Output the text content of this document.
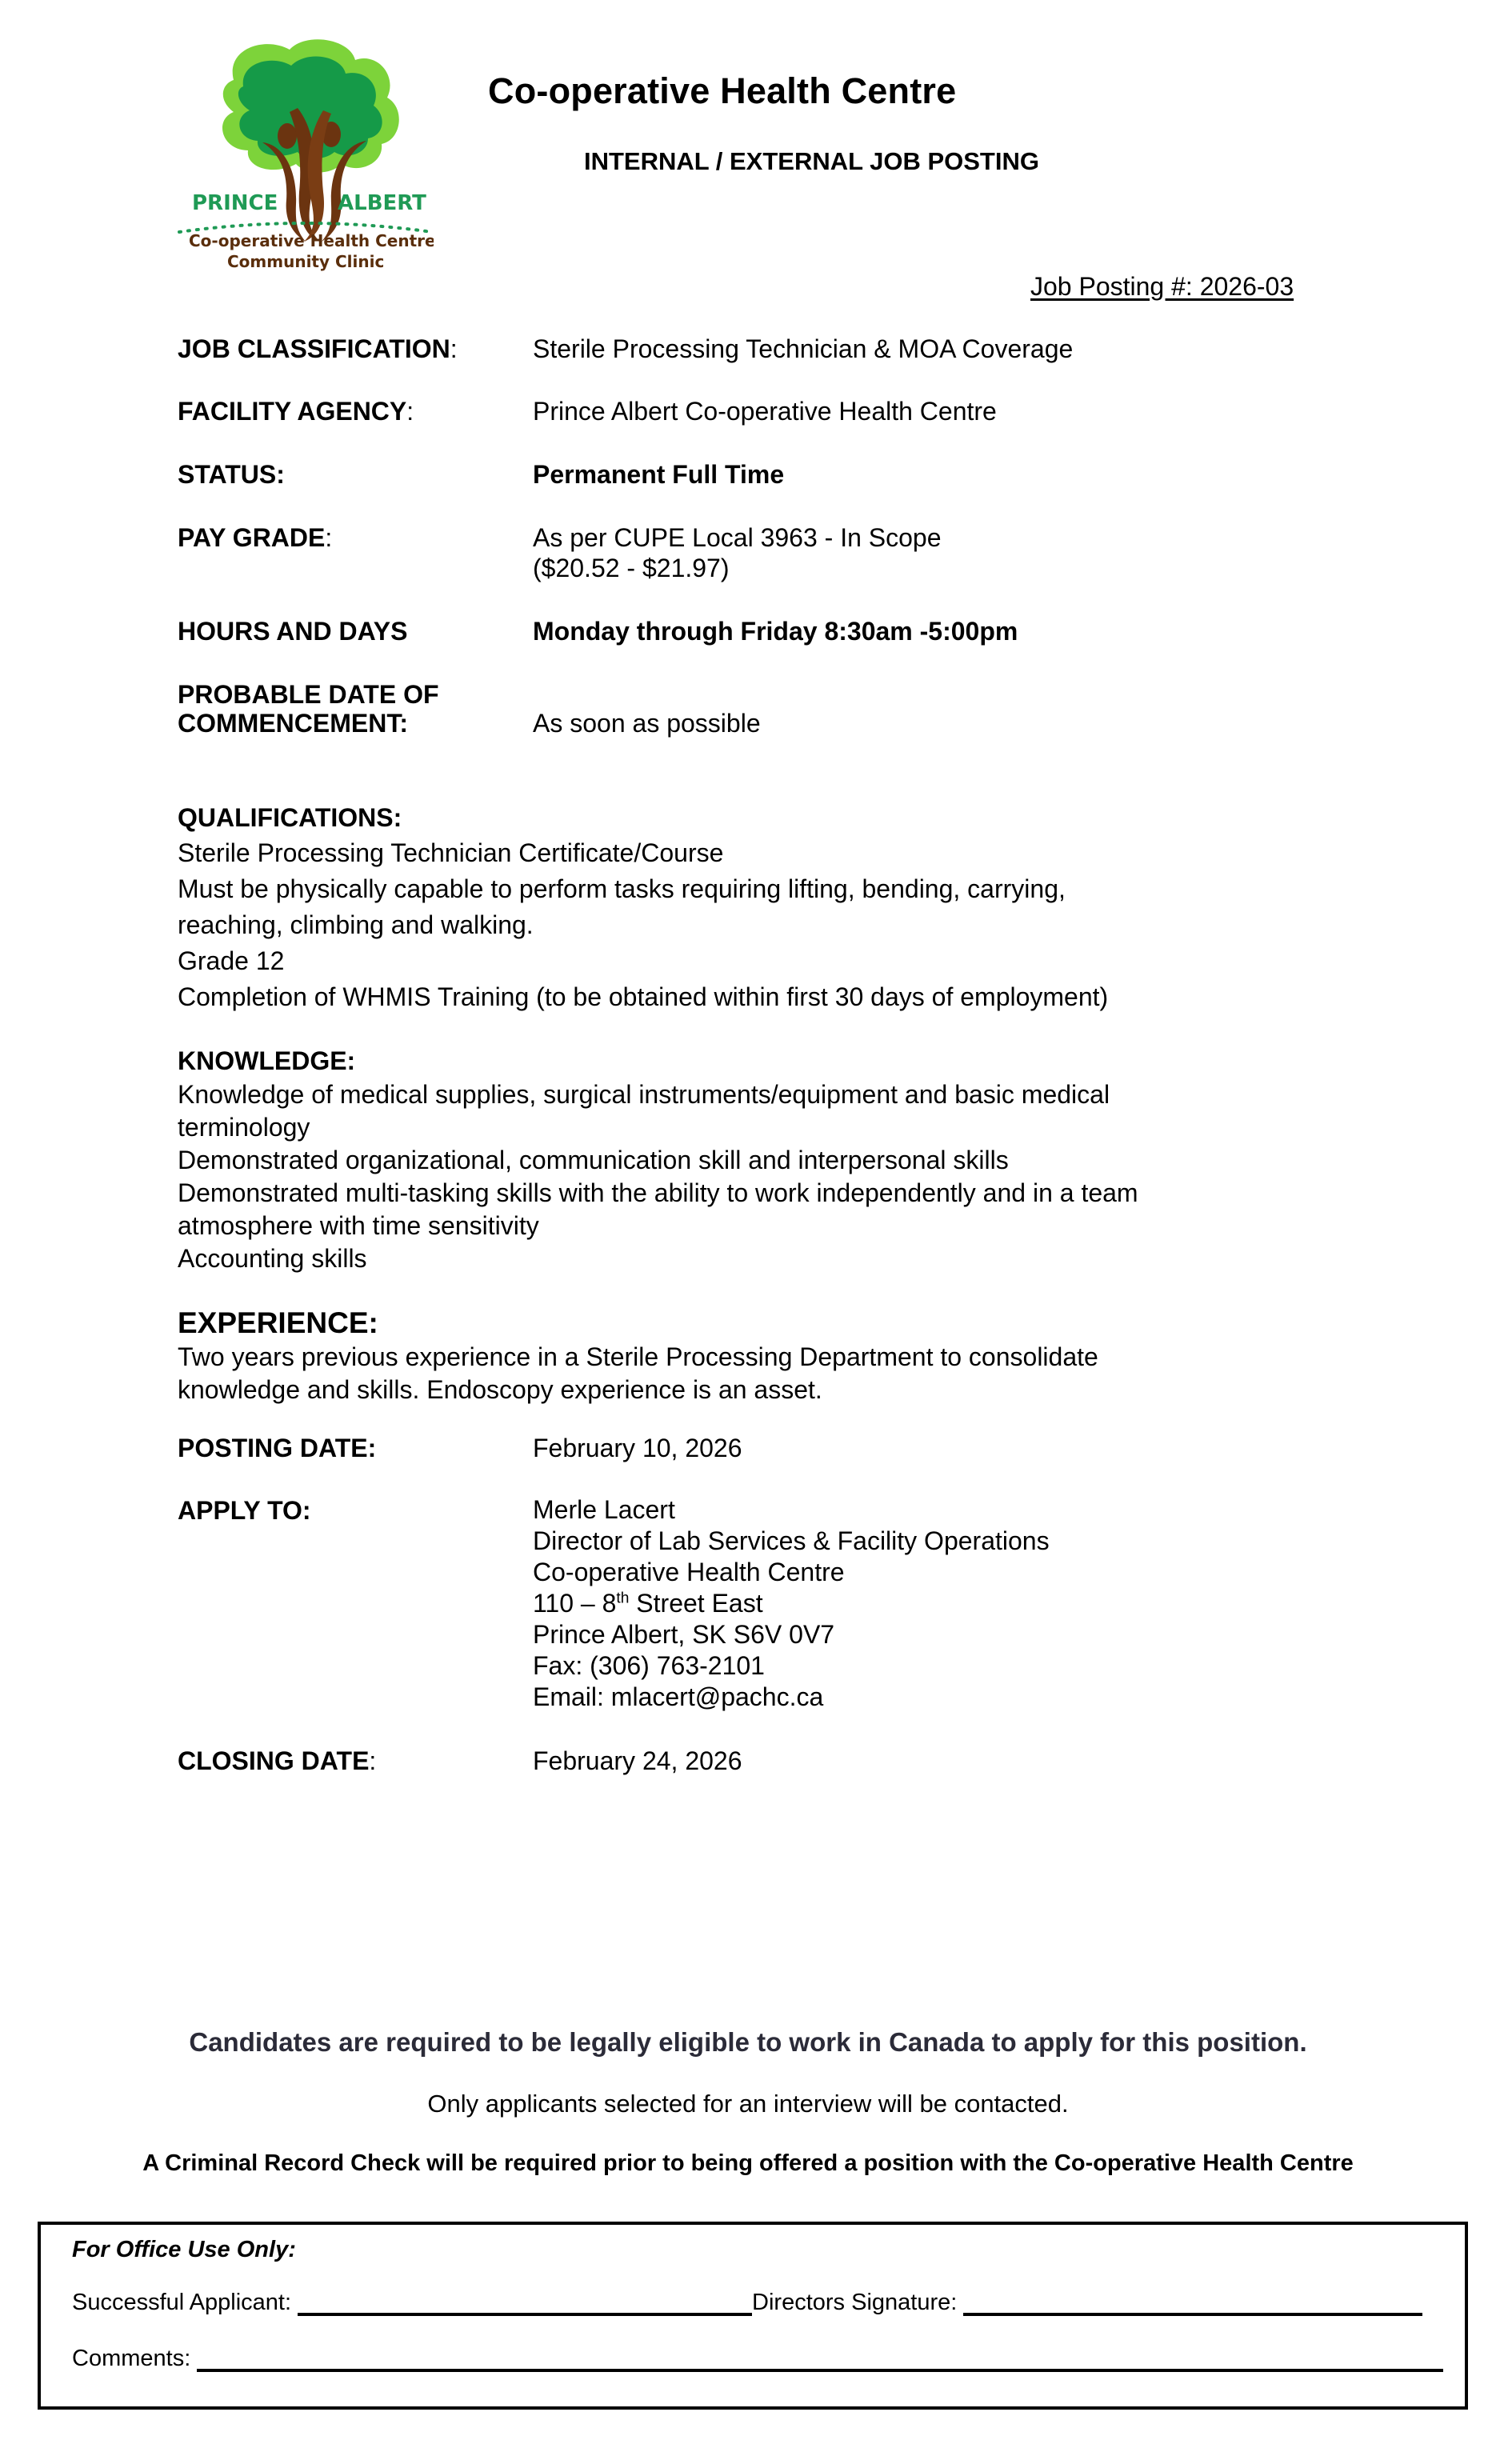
PRINCE	ALBERT
Co-operative Health Centre
Community Clinic
Co-operative Health Centre
INTERNAL / EXTERNAL JOB POSTING
Job Posting #: 2026-03
JOB CLASSIFICATION:	Sterile Processing Technician & MOA Coverage
FACILITY AGENCY:	Prince Albert Co-operative Health Centre
STATUS:	Permanent Full Time
PAY GRADE:	As per CUPE Local 3963 - In Scope
($20.52 - $21.97)
HOURS AND DAYS	Monday through Friday 8:30am -5:00pm
PROBABLE DATE OF
COMMENCEMENT:	As soon as possible
QUALIFICATIONS:
Sterile Processing Technician Certificate/Course
Must be physically capable to perform tasks requiring lifting, bending, carrying,
reaching, climbing and walking.
Grade 12
Completion of WHMIS Training (to be obtained within first 30 days of employment)
KNOWLEDGE:
Knowledge of medical supplies, surgical instruments/equipment and basic medical
terminology
Demonstrated organizational, communication skill and interpersonal skills
Demonstrated multi-tasking skills with the ability to work independently and in a team
atmosphere with time sensitivity
Accounting skills
EXPERIENCE:
Two years previous experience in a Sterile Processing Department to consolidate
knowledge and skills. Endoscopy experience is an asset.
POSTING DATE:	February 10, 2026
APPLY TO:	Merle Lacert
Director of Lab Services & Facility Operations
Co-operative Health Centre
110 – 8th Street East
Prince Albert, SK S6V 0V7
Fax: (306) 763-2101
Email: mlacert@pachc.ca
CLOSING DATE:	February 24, 2026
Candidates are required to be legally eligible to work in Canada to apply for this position.
Only applicants selected for an interview will be contacted.
A Criminal Record Check will be required prior to being offered a position with the Co-operative Health Centre
For Office Use Only:
Successful Applicant:	Directors Signature:
Comments:
